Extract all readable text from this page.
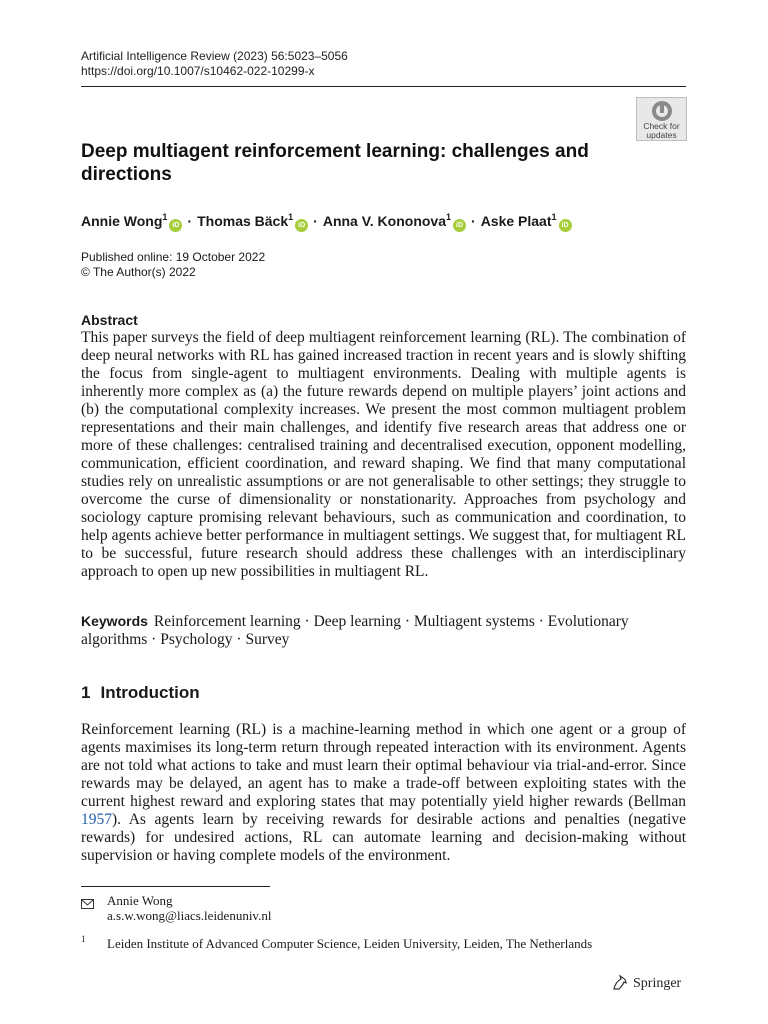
Artificial Intelligence Review (2023) 56:5023–5056
https://doi.org/10.1007/s10462-022-10299-x
Check for updates
Deep multiagent reinforcement learning: challenges and directions
Annie Wong$^1$iD · Thomas Bäck$^1$iD · Anna V. Kononova$^1$iD · Aske Plaat$^1$iD
Published online: 19 October 2022
© The Author(s) 2022
Abstract
This paper surveys the field of deep multiagent reinforcement learning (RL). The combination of deep neural networks with RL has gained increased traction in recent years and is slowly shifting the focus from single-agent to multiagent environments. Dealing with multiple agents is inherently more complex as (a) the future rewards depend on multiple players’ joint actions and (b) the computational complexity increases. We present the most common multiagent problem representations and their main challenges, and identify five research areas that address one or more of these challenges: centralised training and decentralised execution, opponent modelling, communication, efficient coordination, and reward shaping. We find that many computational studies rely on unrealistic assumptions or are not generalisable to other settings; they struggle to overcome the curse of dimensionality or nonstationarity. Approaches from psychology and sociology capture promising relevant behaviours, such as communication and coordination, to help agents achieve better performance in multiagent settings. We suggest that, for multiagent RL to be successful, future research should address these challenges with an interdisciplinary approach to open up new possibilities in multiagent RL.
Keywords Reinforcement learning · Deep learning · Multiagent systems · Evolutionary algorithms · Psychology · Survey
1 Introduction
Reinforcement learning (RL) is a machine-learning method in which one agent or a group of agents maximises its long-term return through repeated interaction with its environment. Agents are not told what actions to take and must learn their optimal behaviour via trial-and-error. Since rewards may be delayed, an agent has to make a trade-off between exploiting states with the current highest reward and exploring states that may potentially yield higher rewards (Bellman 1957). As agents learn by receiving rewards for desirable actions and penalties (negative rewards) for undesired actions, RL can automate learning and decision-making without supervision or having complete models of the environment.
Annie Wong
a.s.w.wong@liacs.leidenuniv.nl
1 Leiden Institute of Advanced Computer Science, Leiden University, Leiden, The Netherlands
Springer
